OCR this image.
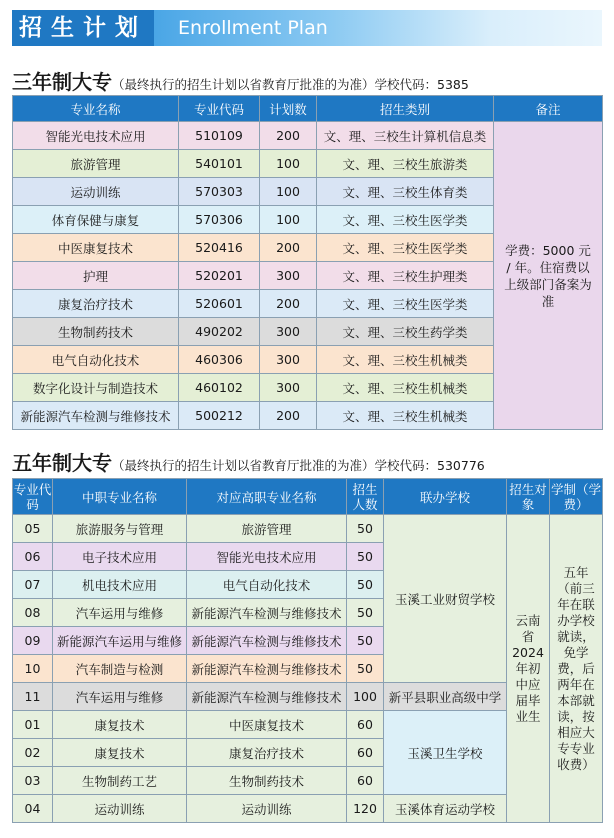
招生计划	Enrollment Plan
三年制大专（最终执行的招生计划以省教育厅批准的为准）学校代码：5385
专业名称	专业代码	计划数	招生类别	备注
智能光电技术应用	510109	200	文、理、三校生计算机信息类	学费：5000 元 / 年。住宿费以上级部门备案为准
旅游管理	540101	100	文、理、三校生旅游类	
运动训练	570303	100	文、理、三校生体育类	
体育保健与康复	570306	100	文、理、三校生医学类	
中医康复技术	520416	200	文、理、三校生医学类	
护理	520201	300	文、理、三校生护理类	
康复治疗技术	520601	200	文、理、三校生医学类	
生物制药技术	490202	300	文、理、三校生药学类	
电气自动化技术	460306	300	文、理、三校生机械类	
数字化设计与制造技术	460102	300	文、理、三校生机械类	
新能源汽车检测与维修技术	500212	200	文、理、三校生机械类	
五年制大专（最终执行的招生计划以省教育厅批准的为准）学校代码：530776
专业代码	中职专业名称	对应高职专业名称	招生人数	联办学校	招生对象	学制（学费）
05	旅游服务与管理	旅游管理	50	玉溪工业财贸学校	云南省2024年初中应届毕业生	五年（前三年在联办学校就读，免学费，后两年在本部就读，按相应大专专业收费）
06	电子技术应用	智能光电技术应用	50			
07	机电技术应用	电气自动化技术	50			
08	汽车运用与维修	新能源汽车检测与维修技术	50			
09	新能源汽车运用与维修	新能源汽车检测与维修技术	50			
10	汽车制造与检测	新能源汽车检测与维修技术	50			
11	汽车运用与维修	新能源汽车检测与维修技术	100	新平县职业高级中学		
01	康复技术	中医康复技术	60	玉溪卫生学校		
02	康复技术	康复治疗技术	60			
03	生物制药工艺	生物制药技术	60			
04	运动训练	运动训练	120	玉溪体育运动学校		
